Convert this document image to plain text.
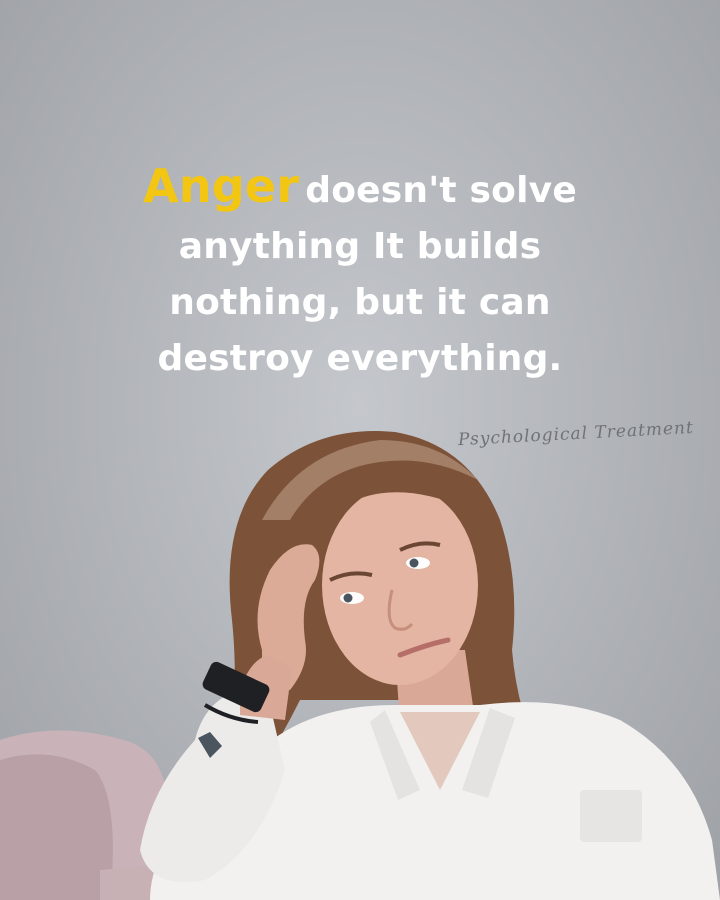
Anger doesn't solve
anything It builds
nothing, but it can
destroy everything.
Psychological Treatment
